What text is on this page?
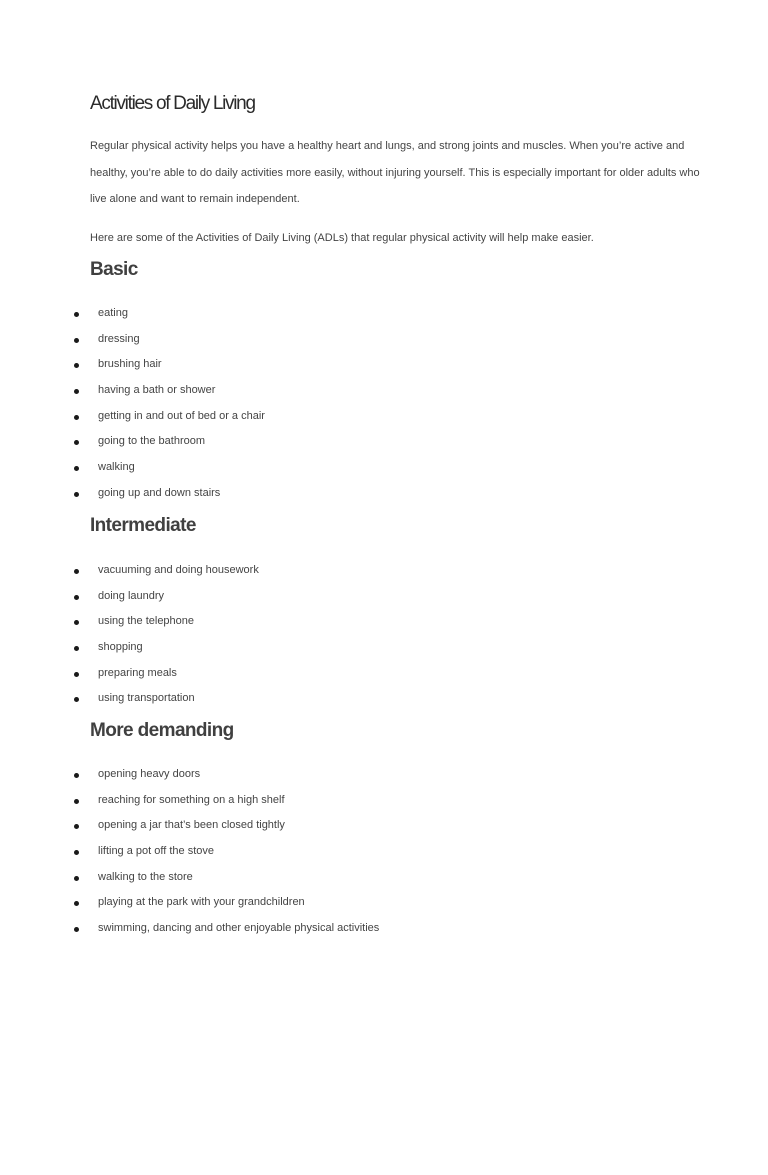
Activities of Daily Living

Regular physical activity helps you have a healthy heart and lungs, and strong joints and muscles. When you’re active and healthy, you’re able to do daily activities more easily, without injuring yourself. This is especially important for older adults who live alone and want to remain independent.

Here are some of the Activities of Daily Living (ADLs) that regular physical activity will help make easier.

Basic
eating
dressing
brushing hair
having a bath or shower
getting in and out of bed or a chair
going to the bathroom
walking
going up and down stairs
Intermediate
vacuuming and doing housework
doing laundry
using the telephone
shopping
preparing meals
using transportation
More demanding
opening heavy doors
reaching for something on a high shelf
opening a jar that’s been closed tightly
lifting a pot off the stove
walking to the store
playing at the park with your grandchildren
swimming, dancing and other enjoyable physical activities
